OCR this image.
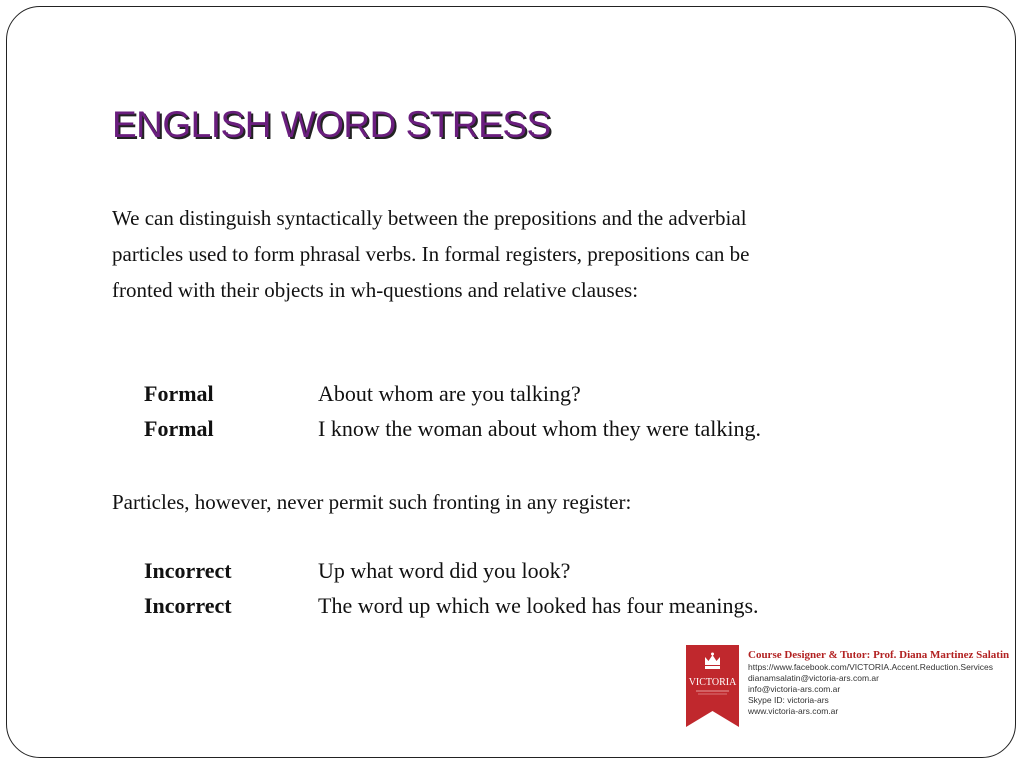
ENGLISH WORD STRESS

We can distinguish syntactically between the prepositions and the adverbial particles used to form phrasal verbs. In formal registers, prepositions can be fronted with their objects in wh-questions and relative clauses:

Formal	About whom are you talking?
Formal	I know the woman about whom they were talking.

Particles, however, never permit such fronting in any register:

Incorrect	Up what word did you look?
Incorrect	The word up which we looked has four meanings.
VICTORIA
Course Designer & Tutor: Prof. Diana Martinez Salatin
https://www.facebook.com/VICTORIA.Accent.Reduction.Services
dianamsalatin@victoria-ars.com.ar
info@victoria-ars.com.ar
Skype ID: victoria-ars
www.victoria-ars.com.ar
